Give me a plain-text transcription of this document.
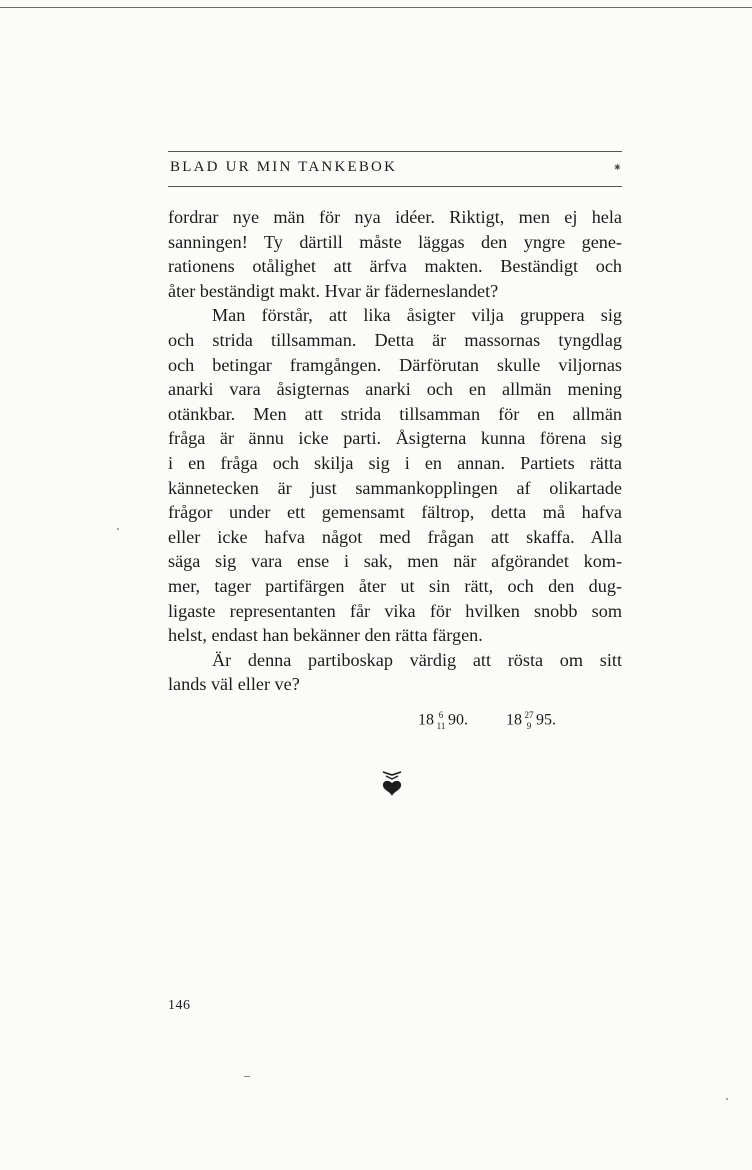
BLAD UR MIN TANKEBOK	⁕

fordrar nye män för nya idéer. Riktigt, men ej hela
sanningen! Ty därtill måste läggas den yngre gene-
rationens otålighet att ärfva makten. Beständigt och
åter beständigt makt. Hvar är fäderneslandet?

Man förstår, att lika åsigter vilja gruppera sig
och strida tillsamman. Detta är massornas tyngdlag
och betingar framgången. Därförutan skulle viljornas
anarki vara åsigternas anarki och en allmän mening
otänkbar. Men att strida tillsamman för en allmän
fråga är ännu icke parti. Åsigterna kunna förena sig
i en fråga och skilja sig i en annan. Partiets rätta
kännetecken är just sammankopplingen af olikartade
frågor under ett gemensamt fältrop, detta må hafva
eller icke hafva något med frågan att skaffa. Alla
säga sig vara ense i sak, men när afgörandet kom-
mer, tager partifärgen åter ut sin rätt, och den dug-
ligaste representanten får vika för hvilken snobb som
helst, endast han bekänner den rätta färgen.

Är denna partiboskap värdig att rösta om sitt
lands väl eller ve?

18 6
11 90. 18 27
9 95.
146
